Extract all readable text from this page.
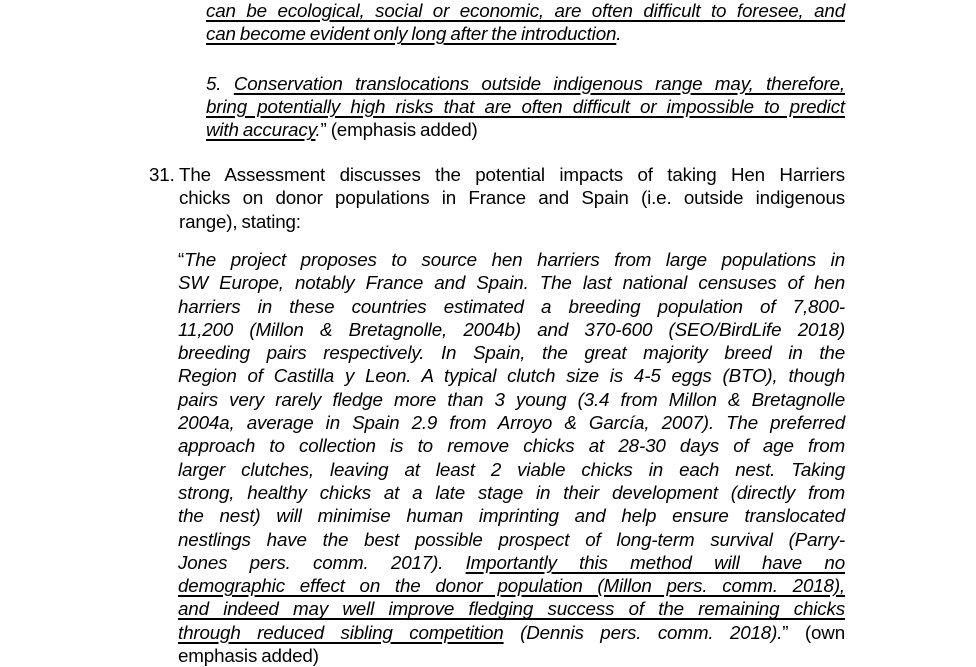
can be ecological, social or economic, are often difficult to foresee, and
can become evident only long after the introduction.
5. Conservation translocations outside indigenous range may, therefore,
bring potentially high risks that are often difficult or impossible to predict
with accuracy.” (emphasis added)
31. The Assessment discusses the potential impacts of taking Hen Harriers
chicks on donor populations in France and Spain (i.e. outside indigenous
range), stating:
“The project proposes to source hen harriers from large populations in
SW Europe, notably France and Spain. The last national censuses of hen
harriers in these countries estimated a breeding population of 7,800-
11,200 (Millon & Bretagnolle, 2004b) and 370-600 (SEO/BirdLife 2018)
breeding pairs respectively. In Spain, the great majority breed in the
Region of Castilla y Leon. A typical clutch size is 4-5 eggs (BTO), though
pairs very rarely fledge more than 3 young (3.4 from Millon & Bretagnolle
2004a, average in Spain 2.9 from Arroyo & García, 2007). The preferred
approach to collection is to remove chicks at 28-30 days of age from
larger clutches, leaving at least 2 viable chicks in each nest. Taking
strong, healthy chicks at a late stage in their development (directly from
the nest) will minimise human imprinting and help ensure translocated
nestlings have the best possible prospect of long-term survival (Parry-
Jones pers. comm. 2017). Importantly this method will have no
demographic effect on the donor population (Millon pers. comm. 2018),
and indeed may well improve fledging success of the remaining chicks
through reduced sibling competition (Dennis pers. comm. 2018).” (own
emphasis added)
